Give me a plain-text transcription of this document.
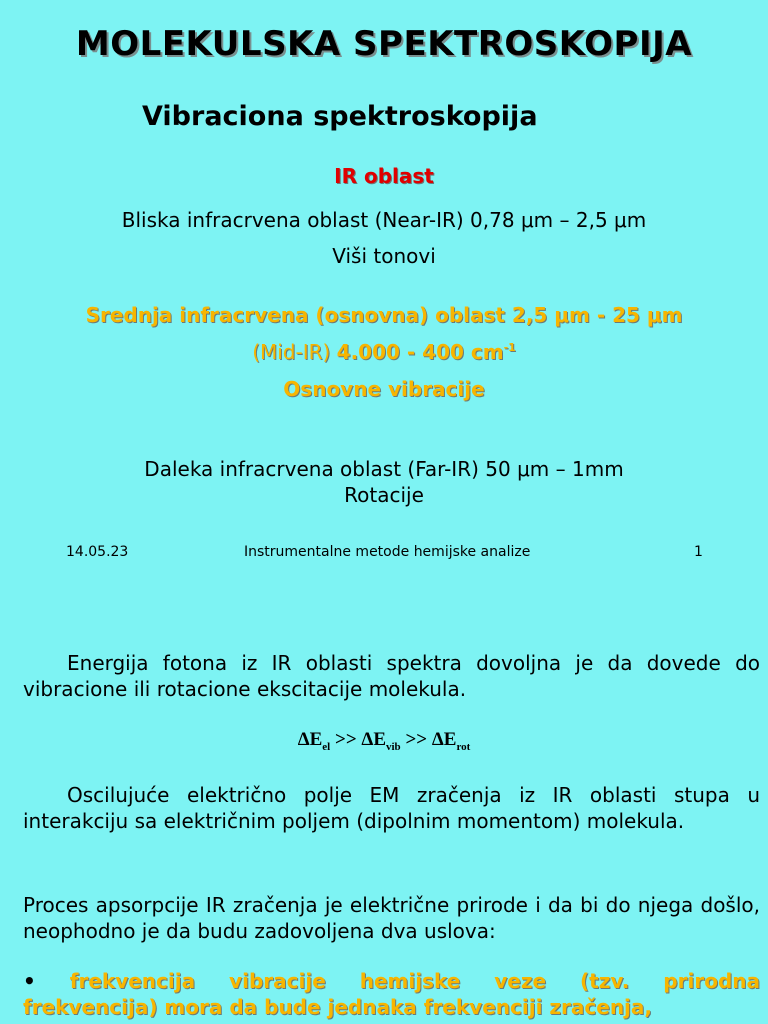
MOLEKULSKA SPEKTROSKOPIJA
Vibraciona spektroskopija
IR oblast
Bliska infracrvena oblast (Near-IR) 0,78 μm – 2,5 μm
Viši tonovi
Srednja infracrvena (osnovna) oblast 2,5 μm - 25 μm
(Mid-IR) 4.000 - 400 $cm^{-1}$
Osnovne vibracije
Daleka infracrvena oblast (Far-IR) 50 μm – 1mm
Rotacije
14.05.23	Instrumentalne metode hemijske analize	1
Energija fotona iz IR oblasti spektra dovoljna je da dovede do vibracione ili rotacione ekscitacije molekula.
$\Delta E_{el} >> \Delta E_{vib} >> \Delta E_{rot}$
Oscilujuće električno polje EM zračenja iz IR oblasti stupa u interakciju sa električnim poljem (dipolnim momentom) molekula.
Proces apsorpcije IR zračenja je električne prirode i da bi do njega došlo, neophodno je da budu zadovoljena dva uslova:
• frekvencija vibracije hemijske veze (tzv. prirodna
frekvencija) mora da bude jednaka frekvenciji zračenja,
